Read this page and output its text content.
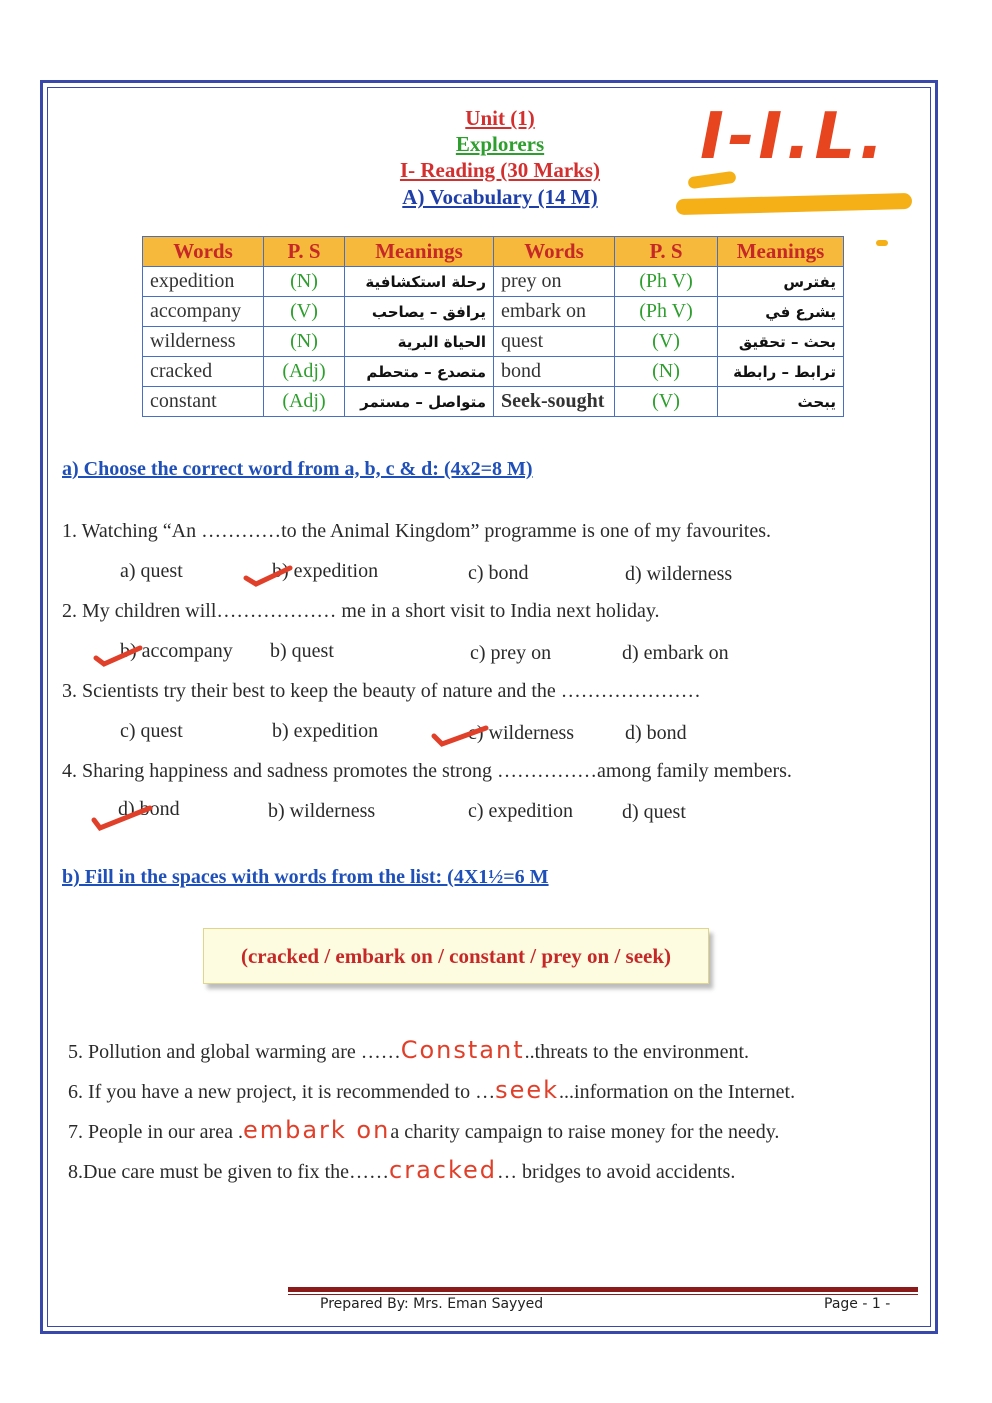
Unit (1)
Explorers
I- Reading (30 Marks)
A) Vocabulary (14 M)
I-I.L.
Words	P. S	Meanings	Words	P. S	Meanings
expedition	(N)	رحلة استكشافية	prey on	(Ph V)	يفترس
accompany	(V)	يرافق – يصاحب	embark on	(Ph V)	يشرع في
wilderness	(N)	الحياة البرية	quest	(V)	بحث – تحقيق
cracked	(Adj)	متصدع – متحطم	bond	(N)	ترابط – رابطة
constant	(Adj)	متواصل – مستمر	Seek-sought	(V)	يبحث
a) Choose the correct word from a, b, c & d: (4x2=8 M)
1. Watching “An …………to the Animal Kingdom” programme is one of my favourites.
a) quest	b) expedition	c) bond	d) wilderness
2. My children will……………… me in a short visit to India next holiday.
b) accompany b) quest	c) prey on	d) embark on
3. Scientists try their best to keep the beauty of nature and the …………………
c) quest	b) expedition	c) wilderness	d) bond
4. Sharing happiness and sadness promotes the strong ……………among family members.
d) bond	b) wilderness	c) expedition d) quest
b) Fill in the spaces with words from the list: (4X1½=6 M
(cracked / embark on / constant / prey on / seek)
5. Pollution and global warming are ……Constant..threats to the environment.
6. If you have a new project, it is recommended to …seek...information on the Internet.
7. People in our area .embark ona charity campaign to raise money for the needy.
8.Due care must be given to fix the……cracked… bridges to avoid accidents.
Prepared By: Mrs. Eman Sayyed	Page - 1 -
